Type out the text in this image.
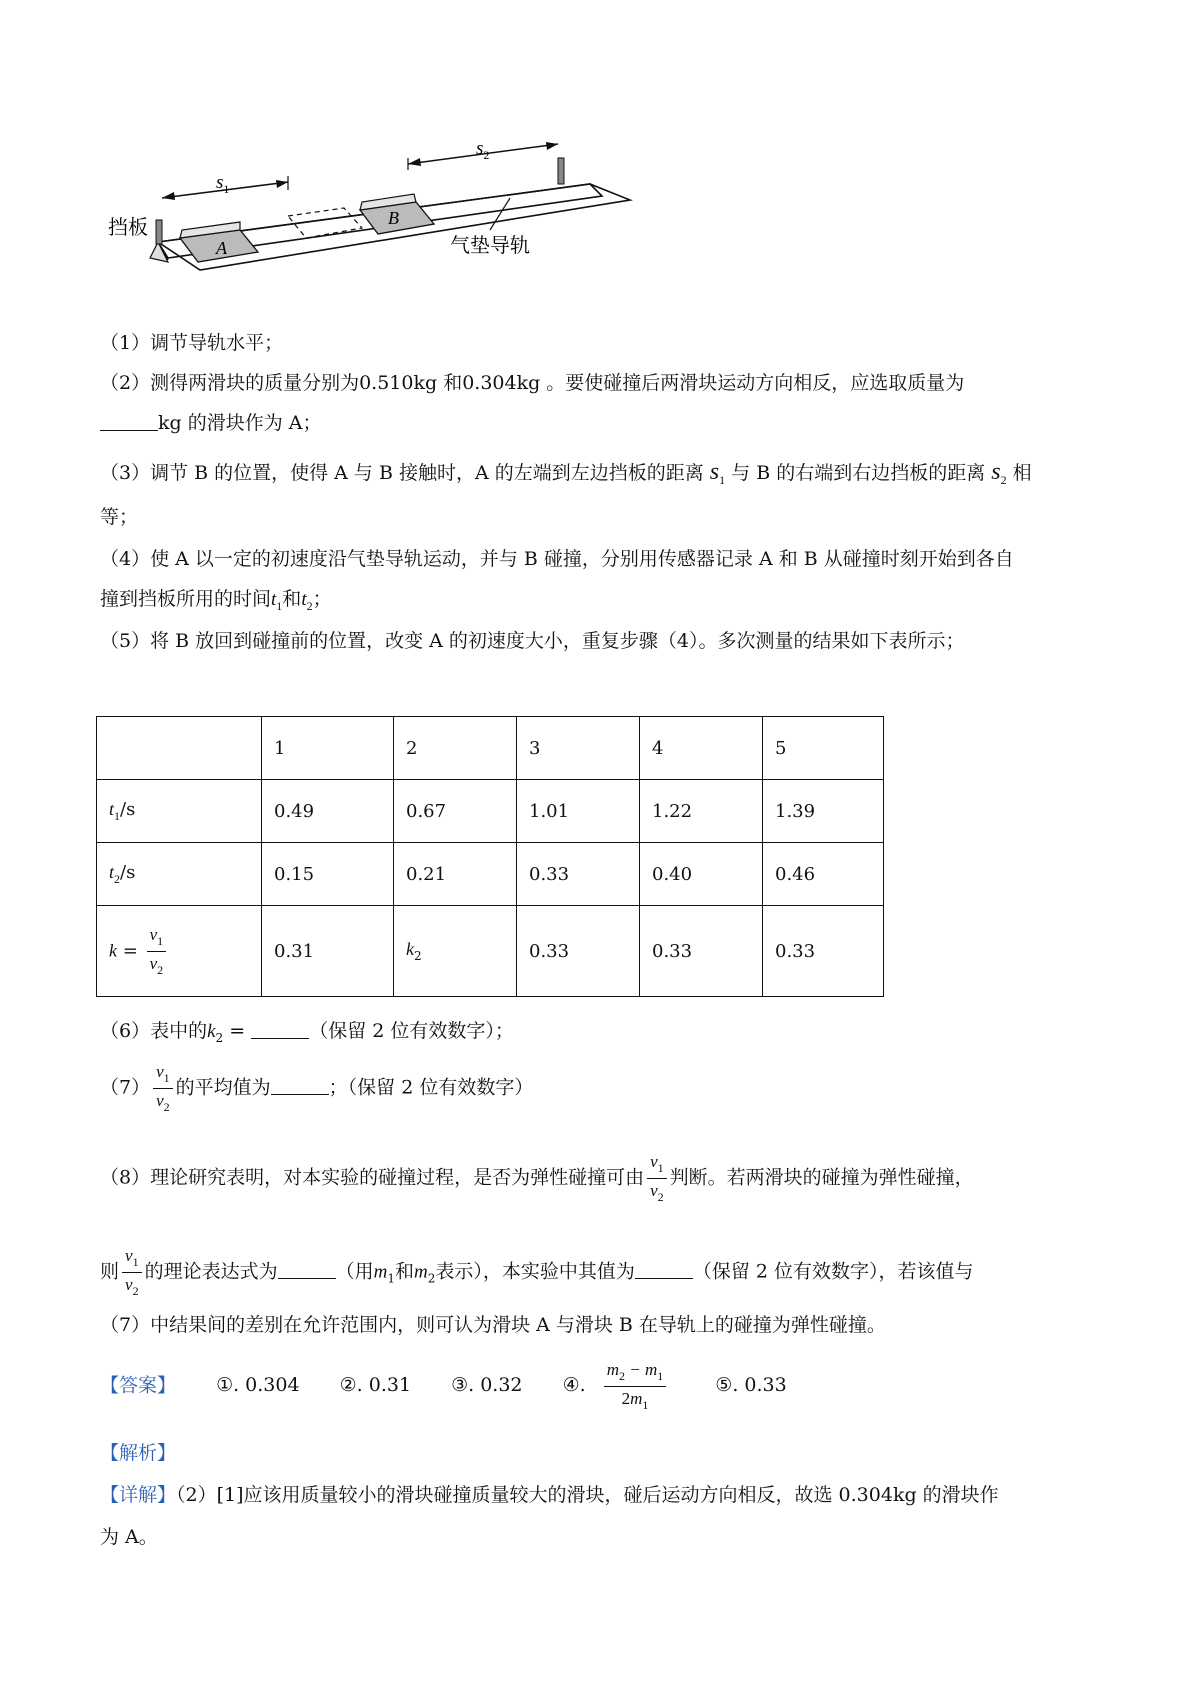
A
B
$s_1$
$s_2$
气垫导轨
挡板
（1）调节导轨水平；
（2）测得两滑块的质量分别为0.510kg 和0.304kg 。要使碰撞后两滑块运动方向相反，应选取质量为
kg 的滑块作为 A；
（3）调节 B 的位置，使得 A 与 B 接触时，A 的左端到左边挡板的距离 $s_1$ 与 B 的右端到右边挡板的距离 $s_2$ 相
等；
（4）使 A 以一定的初速度沿气垫导轨运动，并与 B 碰撞，分别用传感器记录 A 和 B 从碰撞时刻开始到各自
撞到挡板所用的时间$t_1$和$t_2$；
（5）将 B 放回到碰撞前的位置，改变 A 的初速度大小，重复步骤（4）。多次测量的结果如下表所示；
	1	2	3	4	5
$t_1/s$	0.49	0.67	1.01	1.22	1.39
$t_2/s$	0.15	0.21	0.33	0.40	0.46
$k = \frac{v_1}{v_2}$	0.31	$k_2$	0.33	0.33	0.33
（6）表中的$k_2$ =	（保留 2 位有效数字）；
$(7) \frac{v_1}{v_2}$ 的平均值为	；（保留 2 位有效数字）
（8）理论研究表明，对本实验的碰撞过程，是否为弹性碰撞可由 $\frac{v_1}{v_2}$ 判断。若两滑块的碰撞为弹性碰撞，
则 $\frac{v_1}{v_2}$ 的理论表达式为	（用$m_1$和$m_2$表示），本实验中其值为	（保留 2 位有效数字），若该值与
（7）中结果间的差别在允许范围内，则可认为滑块 A 与滑块 B 在导轨上的碰撞为弹性碰撞。
【答案】 ①. 0.304 ②. 0.31 ③. 0.32 ④. $\frac{m_2 - m_1}{2m_1}$	⑤. 0.33
【解析】
【详解】（2）[1]应该用质量较小的滑块碰撞质量较大的滑块，碰后运动方向相反，故选 0.304kg 的滑块作
为 A。
